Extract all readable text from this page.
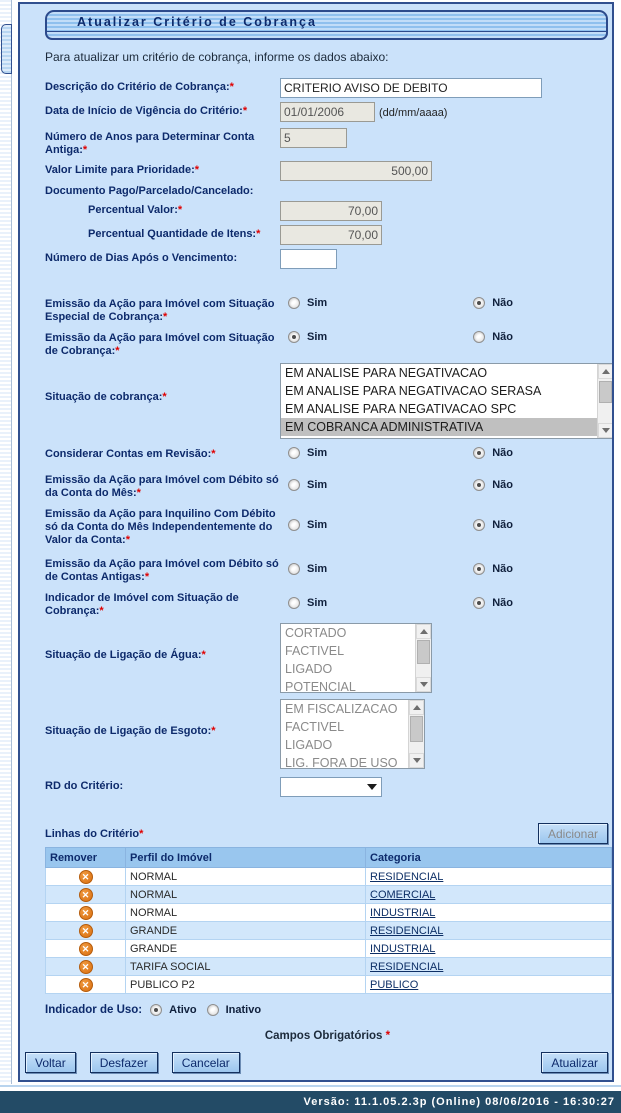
Atualizar Critério de Cobrança
Para atualizar um critério de cobrança, informe os dados abaixo:
Descrição do Critério de Cobrança:*
CRITERIO AVISO DE DEBITO
Data de Início de Vigência do Critério:*
01/01/2006	(dd/mm/aaaa)
Número de Anos para Determinar Conta Antiga:*
5
Valor Limite para Prioridade:*
500,00
Documento Pago/Parcelado/Cancelado:
Percentual Valor:*
70,00
Percentual Quantidade de Itens:*
70,00
Número de Dias Após o Vencimento:
Emissão da Ação para Imóvel com Situação Especial de Cobrança:*
Sim	Não
Emissão da Ação para Imóvel com Situação de Cobrança:*
Sim	Não
Situação de cobrança:*
EM ANALISE PARA NEGATIVACAO
EM ANALISE PARA NEGATIVACAO SERASA
EM ANALISE PARA NEGATIVACAO SPC
EM COBRANCA ADMINISTRATIVA
Considerar Contas em Revisão:*	Sim	Não
Emissão da Ação para Imóvel com Débito só da Conta do Mês:*
Sim	Não
Emissão da Ação para Inquilino Com Débito só da Conta do Mês Independentemente do Valor da Conta:*
Sim	Não
Emissão da Ação para Imóvel com Débito só de Contas Antigas:*
Sim	Não
Indicador de Imóvel com Situação de Cobrança:*
Sim	Não
Situação de Ligação de Água:*
CORTADO
FACTIVEL
LIGADO
POTENCIAL
Situação de Ligação de Esgoto:*
EM FISCALIZACAO
FACTIVEL
LIGADO
LIG. FORA DE USO
RD do Critério:
Linhas do Critério*	Adicionar
Remover	Perfil do Imóvel	Categoria
✕	NORMAL	RESIDENCIAL
✕	NORMAL	COMERCIAL
✕	NORMAL	INDUSTRIAL
✕	GRANDE	RESIDENCIAL
✕	GRANDE	INDUSTRIAL
✕	TARIFA SOCIAL	RESIDENCIAL
✕	PUBLICO P2	PUBLICO
Indicador de Uso: Ativo	Inativo
Campos Obrigatórios *
Voltar	Desfazer	Cancelar	Atualizar
Versão: 11.1.05.2.3p (Online) 08/06/2016 - 16:30:27
